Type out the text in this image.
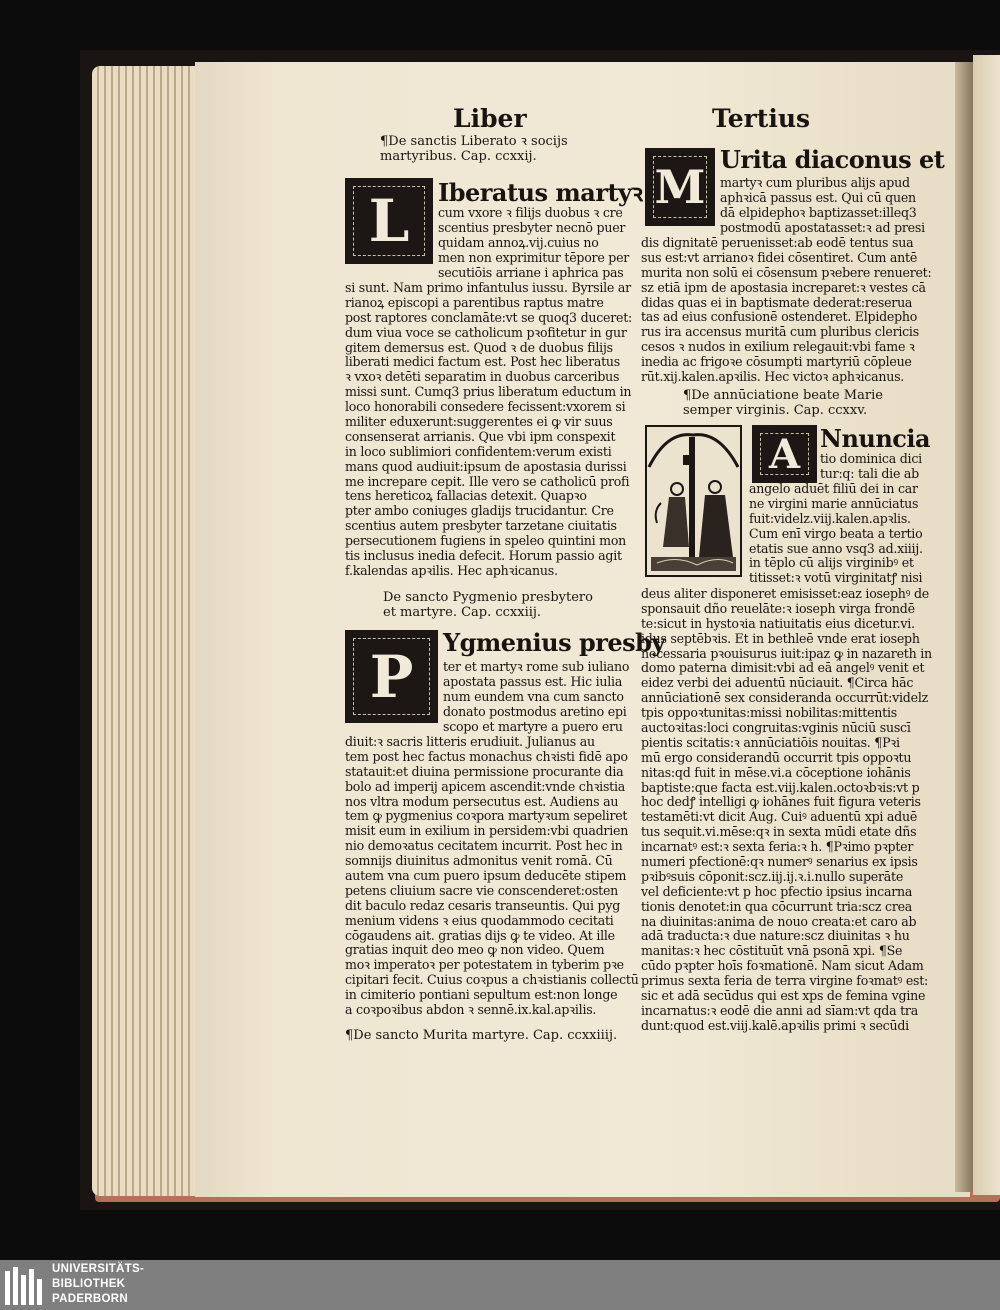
Liber	Tertius
¶De sanctis Liberato ꝛ socijs
martyribus. Cap. ccxxij.
L Iberatus martyꝛ
cum vxore ꝛ filijs duobus ꝛ cre
scentius presbyter necnō puer
quidam annoꝝ.vij.cuius no
men non exprimitur tēpore per
secutiōis arriane i aphrica pas
si sunt. Nam primo infantulus iussu. Byrsile ar
rianoꝝ episcopi a parentibus raptus matre
post raptores conclamāte:vt se quoq3 duceret:
dum viua voce se catholicum pꝛofitetur in gur
gitem demersus est. Quod ꝛ de duobus filijs
liberati medici factum est. Post hec liberatus
ꝛ vxoꝛ detēti separatim in duobus carceribus
missi sunt. Cumq3 prius liberatum eductum in
loco honorabili consedere fecissent:vxorem si
militer eduxerunt:suggerentes ei ꝙ vir suus
consenserat arrianis. Que vbi ipm conspexit
in loco sublimiori confidentem:verum existi
mans quod audiuit:ipsum de apostasia durissi
me increpare cepit. Ille vero se catholicū profi
tens hereticoꝝ fallacias detexit. Quapꝛo
pter ambo coniuges gladijs trucidantur. Cre
scentius autem presbyter tarzetane ciuitatis
persecutionem fugiens in speleo quintini mon
tis inclusus inedia defecit. Horum passio agit
f.kalendas apꝛilis. Hec aphꝛicanus.
De sancto Pygmenio presbytero
et martyre. Cap. ccxxiij.
P Ygmenius presby
ter et martyꝛ rome sub iuliano
apostata passus est. Hic iulia
num eundem vna cum sancto
donato postmodus aretino epi
scopo et martyre a puero eru
diuit:ꝛ sacris litteris erudiuit. Julianus au
tem post hec factus monachus chꝛisti fidē apo
statauit:et diuina permissione procurante dia
bolo ad imperij apicem ascendit:vnde chꝛistia
nos vltra modum persecutus est. Audiens au
tem ꝙ pygmenius coꝛpora martyꝛum sepeliret
misit eum in exilium in persidem:vbi quadrien
nio demoꝛatus cecitatem incurrit. Post hec in
somnijs diuinitus admonitus venit romā. Cū
autem vna cum puero ipsum deducēte stipem
petens cliuium sacre vie conscenderet:osten
dit baculo redaz cesaris transeuntis. Qui pyg
menium videns ꝛ eius quodammodo cecitati
cōgaudens ait. gratias dijs ꝙ te video. At ille
gratias inquit deo meo ꝙ non video. Quem
moꝛ imperatoꝛ per potestatem in tyberim pꝛe
cipitari fecit. Cuius coꝛpus a chꝛistianis collectū
in cimiterio pontiani sepultum est:non longe
a coꝛpoꝛibus abdon ꝛ sennē.ix.kal.apꝛilis.
¶De sancto Murita martyre. Cap. ccxxiiij.
M
Urita diaconus et
martyꝛ cum pluribus alijs apud
aphꝛicā passus est. Qui cū quen
dā elpidephoꝛ baptizasset:illeq3
postmodū apostatasset:ꝛ ad presi
dis dignitatē peruenisset:ab eodē tentus sua
sus est:vt arrianoꝛ fidei cōsentiret. Cum antē
murita non solū ei cōsensum pꝛebere renueret:
sz etiā ipm de apostasia increparet:ꝛ vestes cā
didas quas ei in baptismate dederat:reserua
tas ad eius confusionē ostenderet. Elpidepho
rus ira accensus muritā cum pluribus clericis
cesos ꝛ nudos in exilium relegauit:vbi fame ꝛ
inedia ac frigoꝛe cōsumpti martyriū cōpleue
rūt.xij.kalen.apꝛilis. Hec victoꝛ aphꝛicanus.
¶De annūciatione beate Marie
semper virginis. Cap. ccxxv.
A Nnuncia
tio dominica dici
tur:q: tali die ab
angelo aduēt filiū dei in car
ne virgini marie annūciatus
fuit:videlz.viij.kalen.apꝛlis.
Cum enī virgo beata a tertio
etatis sue anno vsq3 ad.xiiij.
in tēplo cū alijs virginibꝰ et
titisset:ꝛ votū virginitatꝭ nisi
deus aliter disponeret emisisset:eaz iosephꝰ de
sponsauit dño reuelāte:ꝛ ioseph virga frondē
te:sicut in hystoꝛia natiuitatis eius dicetur.vi.
idus septēbꝛis. Et in bethleē vnde erat ioseph
necessaria pꝛouisurus iuit:ipaz ꝙ in nazareth in
domo paterna dimisit:vbi ad eā angelꝰ venit et
eidez verbi dei aduentū nūciauit. ¶Circa hāc
annūciationē sex consideranda occurrūt:videlz
tpis oppoꝛtunitas:missi nobilitas:mittentis
auctoꝛitas:loci congruitas:vginis nūciū suscī
pientis scitatis:ꝛ annūciatiōis nouitas. ¶Pꝛi
mū ergo considerandū occurrit tpis oppoꝛtu
nitas:qd fuit in mēse.vi.a cōceptione iohānis
baptiste:que facta est.viij.kalen.octoꝛbꝛis:vt p
hoc dedꝭ intelligi ꝙ iohānes fuit figura veteris
testamēti:vt dicit Aug. Cuiꝰ aduentū xpi aduē
tus sequit.vi.mēse:qꝛ in sexta mūdi etate dñs
incarnatꝰ est:ꝛ sexta feria:ꝛ h. ¶Pꝛimo pꝛpter
numeri pfectionē:qꝛ numerꝰ senarius ex ipsis
pꝛibꝰsuis cōponit:scz.iij.ij.ꝛ.i.nullo superāte
vel deficiente:vt p hoc pfectio ipsius incarna
tionis denotet:in qua cōcurrunt tria:scz crea
na diuinitas:anima de nouo creata:et caro ab
adā traducta:ꝛ due nature:scz diuinitas ꝛ hu
manitas:ꝛ hec cōstituūt vnā psonā xpi. ¶Se
cūdo pꝛpter hoīs foꝛmationē. Nam sicut Adam
primus sexta feria de terra virgine foꝛmatꝰ est:
sic et adā secūdus qui est xps de femina vgine
incarnatus:ꝛ eodē die anni ad sīam:vt qda tra
dunt:quod est.viij.kalē.apꝛilis primi ꝛ secūdi
UNIVERSITÄTS-
BIBLIOTHEK
PADERBORN
